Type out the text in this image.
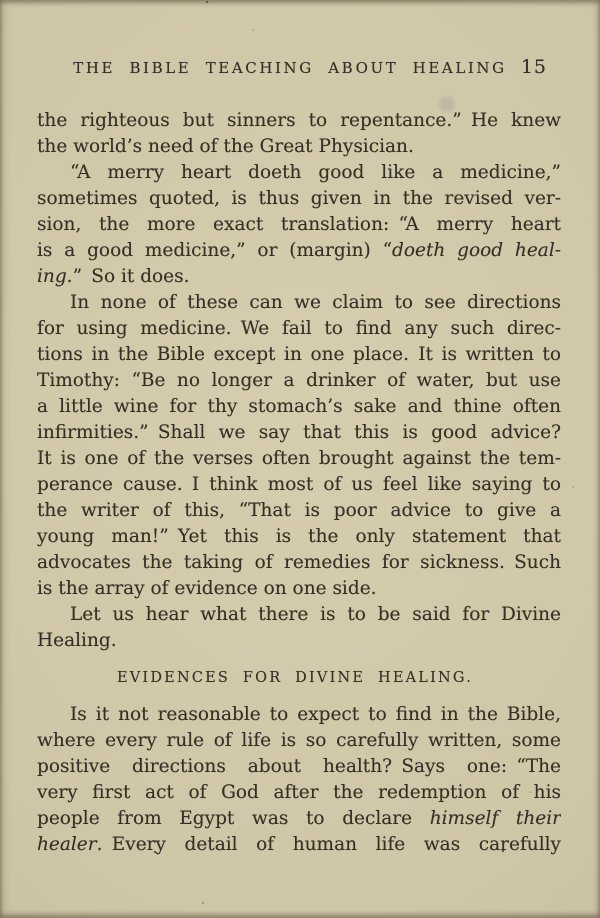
THE BIBLE TEACHING ABOUT HEALING 15
the righteous but sinners to repentance.” He knew
the world’s need of the Great Physician.
“A merry heart doeth good like a medicine,”
sometimes quoted, is thus given in the revised ver-
sion, the more exact translation: “A merry heart
is a good medicine,” or (margin) “doeth good heal-
ing.” So it does.
In none of these can we claim to see directions
for using medicine. We fail to find any such direc-
tions in the Bible except in one place. It is written to
Timothy: “Be no longer a drinker of water, but use
a little wine for thy stomach’s sake and thine often
infirmities.” Shall we say that this is good advice?
It is one of the verses often brought against the tem-
perance cause. I think most of us feel like saying to
the writer of this, “That is poor advice to give a
young man!” Yet this is the only statement that
advocates the taking of remedies for sickness. Such
is the array of evidence on one side.
Let us hear what there is to be said for Divine
Healing.
EVIDENCES FOR DIVINE HEALING.
Is it not reasonable to expect to find in the Bible,
where every rule of life is so carefully written, some
positive directions about health? Says one: “The
very first act of God after the redemption of his
people from Egypt was to declare himself their
healer. Every detail of human life was carefully
